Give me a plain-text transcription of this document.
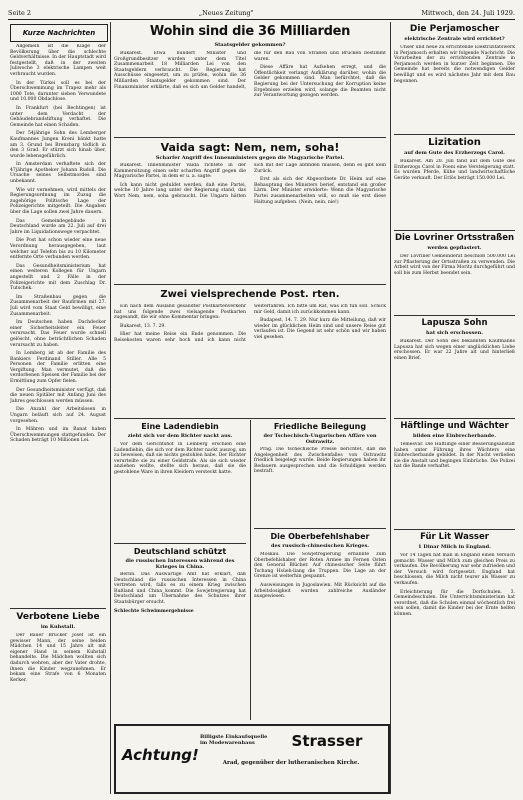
Seite 2	„Neues Zeitung"	Mittwoch, den 24. Juli 1929.
Kurze Nachrichten

Allgemein ist die Klage der Bevölkerung über die schlechte Geldverhältnisse. In der Hauptstadt wird festgestellt, daß in der zweiten Juliwoche 3 elektrische Lampen weit verbraucht wurden.

In der Türkei soll es bei der Überschwemmung im Trapez mehr als 1000 Tote, darunter sieben Verwundete und 10.000 Obdachlose.

In Frankfurt (bei Bechtingen) ist unter dem Verdacht der Gebäudebrandstiftung verhaftet. Die Gemeinde hat einen Schaden.

Der 54jährige Sohn des Lemberger Kaufmannes Jungen Kreni bänkt hatte am 3. Grund bei Brenzbarg tödlich in den 3 Grad. Er stürzt sich hinab über, wurde lebensgefährlich.

In Amsterdam verhaftete sich der 47jährige Apotheker Johann Rudoll. Die Ursache seines Selbstmordes sind unbekannt.

Wie wir vernehmen, wird mittels der Regierungsordnung im Zuzug die zugehörige Politische Lage der Polizeigerichte mitgeteilt. Die Angaben über die Lage sollen zwei Jahre dauern.

Das Gemeindegebäude in Deutschland wurde am 22. Juli auf drei Jahre im Liquidationswege verpachtet.

Die Post hat schon wieder eine neue Verordnung herausgegeben, laut welcher auf Telefon bis zu 10 Kilometer entfernte Orte verbunden werden.

Das Gesundheitsministerium hat einen weiteren Kollegen für Ungarn angestellt und 2 Fälle in der Polizeigerichte mit dem Zuschlag Dr. Tutschek.

Im Straßenbau gegen die Zusammenarbeit der Baufirmen mit 27. Juli wird vom Staat Geld bewilligt, eine Zusammenarbeit.

Im Deutschen haben Dachdecker einer Sicherheitsleiter ein Feuer verursacht. Das Feuer wurde schnell gelöscht, ohne beträchtlichen Schaden verursacht zu haben.

In Lemberg ist ab der Familie des Bankiers Ferdinand Stiller. Alle 5 Personen der Familie erlitten eine Vergiftung. Man vermutet, daß die verdorbenen Speisen der Familie bei der Ermittlung zum Opfer fielen.

Der Gesundheitsminister verfügt, daß die neuen Spitäler mit Anfang Juni des Jahres geschlossen werden müssen.

Die Anzahl der Arbeitslosen in Ungarn beläuft sich auf 24. August vorgesehen.

In Mähren und im Banat haben Überschwemmungen stattgefunden. Der Schaden beträgt 10 Millionen Lei.

Verbotene Liebe
im Kuhstall.

Der Bauer Brucker Josef ist ein gewisser Mann, der seine beiden Mädchen 14 und 15 Jahre alt mit eigener Hand in seinem Kuhstall behandelte. Die Mädchen wollten sich dadurch wehren, aber der Vater drohte, ihnen die Kinder wegzunehmen. Er bekam eine Strafe von 6 Monaten Kerker.

Wohin sind die 36 Milliarden
Staatsgelder gekommen?

Bukarest. Etwa hundert Minister und Großgrundbesitzer wurden unter dem Titel Zusammenarbeit 18 Milliarden Lei von den Staatsgeldern verbraucht. Die Regierung hat Ausschüsse eingesetzt, um zu prüfen, wohin die 36 Milliarden Staatsgelder gekommen sind. Der Finanzminister erklärte, daß es sich um Gelder handelt, die für den Bau von Straßen und Brücken bestimmt waren.

Diese Affäre hat Aufsehen erregt, und die Öffentlichkeit verlangt Aufklärung darüber, wohin die Gelder gekommen sind. Man befürchtet, daß die Regierung bei der Untersuchung der Korruption keine Ergebnisse erzielen wird, solange die Beamten nicht zur Verantwortung gezogen werden.

Vaida sagt: Nem, nem, soha!
Scharfer Angriff des Innenministers gegen die Magyarische Partei.

Bukarest. Innenminister Vaida richtete in der Kammersitzung einen sehr scharfen Angriff gegen die Magyarische Partei, in dem er u. a. sagte:

Ich kann nicht geduldet werden, daß eine Partei, welche 10 Jahre lang unter der Regierung stand, das Wort Nem, nem, soha gebraucht. Die Ungarn hätten sich mit der Lage abfinden müssen, denn es gibt kein Zurück.

Erst als sich der Abgeordnete Dr. Heim auf eine Behauptung des Ministers berief, entstand ein großer Lärm. Der Minister erwiderte: Wenn die Magyarische Partei zusammenarbeiten will, so muß sie erst diese Haltung aufgeben. (Nein, nein, nie!)

Zwei vielsprechende Post. rten.

Ein nach dem Ausland gesandter Postkartenverkehr hat uns folgende zwei vielsagende Postkarten zugesandt, die wir ohne Kommentar bringen:

Bukarest, 13. 7. 29.

Hier hat meine Reise ein Ende genommen. Die Reisekosten waren sehr hoch und ich kann nicht weiterfahren. Ich bitte um Rat, was ich tun soll. Schick mir Geld, damit ich zurückkommen kann.

Budapest, 14. 7. 29. Nur kurz die Mitteilung, daß wir wieder im glücklichen Heim sind und unsere Reise gut verlaufen ist. Die Gegend ist sehr schön und wir haben viel gesehen.

Eine Ladendiebin
zieht sich vor dem Richter nackt aus.

Vor dem Gerichtshof in Lemberg erschien eine Ladendiebin, die sich vor dem Richter nackt auszog, um zu beweisen, daß sie nichts gestohlen habe. Der Richter verurteilte sie zu einer Geldstrafe. Als sie sich wieder anziehen wollte, stellte sich heraus, daß sie die gestohlene Ware in ihren Kleidern versteckt hatte.

Deutschland schützt
die russischen Interessen während des Krieges in China.

Berlin. Das Auswärtige Amt hat erklärt, daß Deutschland die russischen Interessen in China vertreten wird, falls es zu einem Krieg zwischen Rußland und China kommt. Die Sowjetregierung hat Deutschland um Übernahme des Schutzes ihrer Staatsbürger ersucht.

Schlechte Schwimmergebnisse

Friedliche Beilegung
der Tschechisch-Ungarischen Affäre von Ostrawitz.

Prag. Die tschechische Presse berichtet, daß die Angelegenheit des Zwischenfalles von Ostrawitz friedlich beigelegt wurde. Beide Regierungen haben ihr Bedauern ausgesprochen und die Schuldigen werden bestraft.

Die Oberbefehlshaber
des russisch-chinesischen Krieges.

Moskau. Die Sowjetregierung ernannte zum Oberbefehlshaber der Roten Armee im Fernen Osten den General Blücher. Auf chinesischer Seite führt Tschang Hsüeh-liang die Truppen. Die Lage an der Grenze ist weiterhin gespannt.

Ausweisungen in Jugoslawien. Mit Rücksicht auf die Arbeitslosigkeit wurden zahlreiche Ausländer ausgewiesen.

Achtung!
Billigste Einkaufsquelle im Modewarenhaus	Strasser
Arad, gegenüber der lutheranischen Kirche.
Die Perjamoscher
elektrische Zentrale wird errichtet?

Unser und neue zu errichtende Elektrizitätswerk in Perjamosch erbalten wir folgende Nachricht: Die Vorarbeiten der zu errichtenden Zentrale in Perjamosch werden in kurzer Zeit beginnen. Die Gemeinde hat bereits die notwendigen Gelder bewilligt und es wird nächstes Jahr mit dem Bau begonnen.

Lizitation
auf dem Gute des Erzherzogs Carol.

Bukarest. Am 20. Juli fand auf dem Gute des Erzherzogs Carol in Foeni eine Versteigerung statt. Es wurden Pferde, Kühe und landwirtschaftliche Geräte verkauft. Der Erlös beträgt 150.000 Lei.

Die Lovriner Ortsstraßen
werden gepflastert.

Der Lovriner Gemeinderat beschloß 500.000 Lei zur Pflasterung der Ortsstraßen zu verwenden. Die Arbeit wird von der Firma Moritz durchgeführt und soll bis zum Herbst beendet sein.

Lapusza Sohn
hat sich erschossen.

Bukarest. Der Sohn des bekannten Kaufmanns Lapusza hat sich wegen einer unglücklichen Liebe erschossen. Er war 22 Jahre alt und hinterließ einen Brief.

Häftlinge und Wächter
bilden eine Einbrecherbande.

Temesvar. Die Häftlinge einer Besserungsanstalt haben unter Führung ihres Wächters eine Einbrecherbande gebildet. In der Nacht verließen sie die Anstalt und begingen Einbrüche. Die Polizei hat die Bande verhaftet.

Für Lit Wasser
1 Dinar Milch in England.

Vor 14 Tagen hat man in England einen Versuch gemacht: Wasser und Milch zum gleichen Preis zu verkaufen. Die Bevölkerung war sehr zufrieden und der Versuch wird fortgesetzt. England hat beschlossen, die Milch nicht teurer als Wasser zu verkaufen.

Erleichterung für die Dorfschulen. 3. Gemeindeschulen. Die Unterrichtsministerium hat verordnet, daß die Schulen einmal wöchentlich frei sein sollen, damit die Kinder bei der Ernte helfen können.
